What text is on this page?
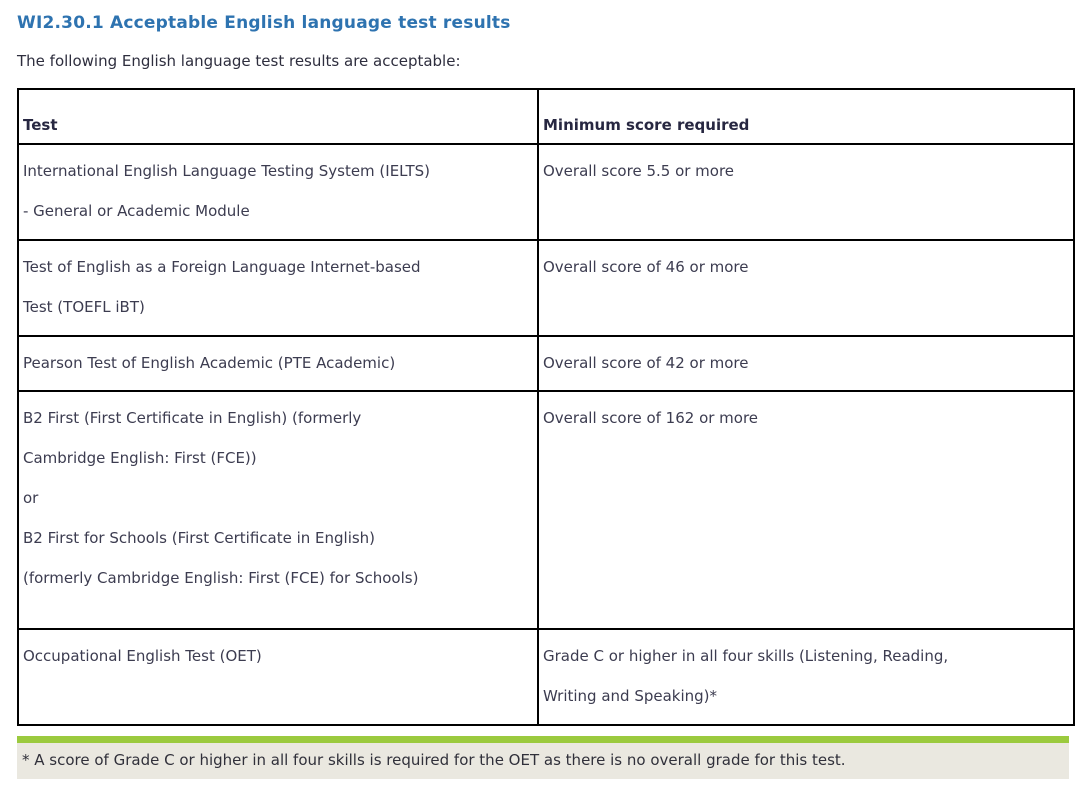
WI2.30.1 Acceptable English language test results

The following English language test results are acceptable:

Test	Minimum score required

International English Language Testing System (IELTS)

- General or Academic Module	Overall score 5.5 or more

Test of English as a Foreign Language Internet-based

Test (TOEFL iBT)	Overall score of 46 or more

Pearson Test of English Academic (PTE Academic)	Overall score of 42 or more

B2 First (First Certificate in English) (formerly

Cambridge English: First (FCE))

or

B2 First for Schools (First Certificate in English)

(formerly Cambridge English: First (FCE) for Schools)	Overall score of 162 or more

Occupational English Test (OET)	Grade C or higher in all four skills (Listening, Reading,

Writing and Speaking)*

* A score of Grade C or higher in all four skills is required for the OET as there is no overall grade for this test.
